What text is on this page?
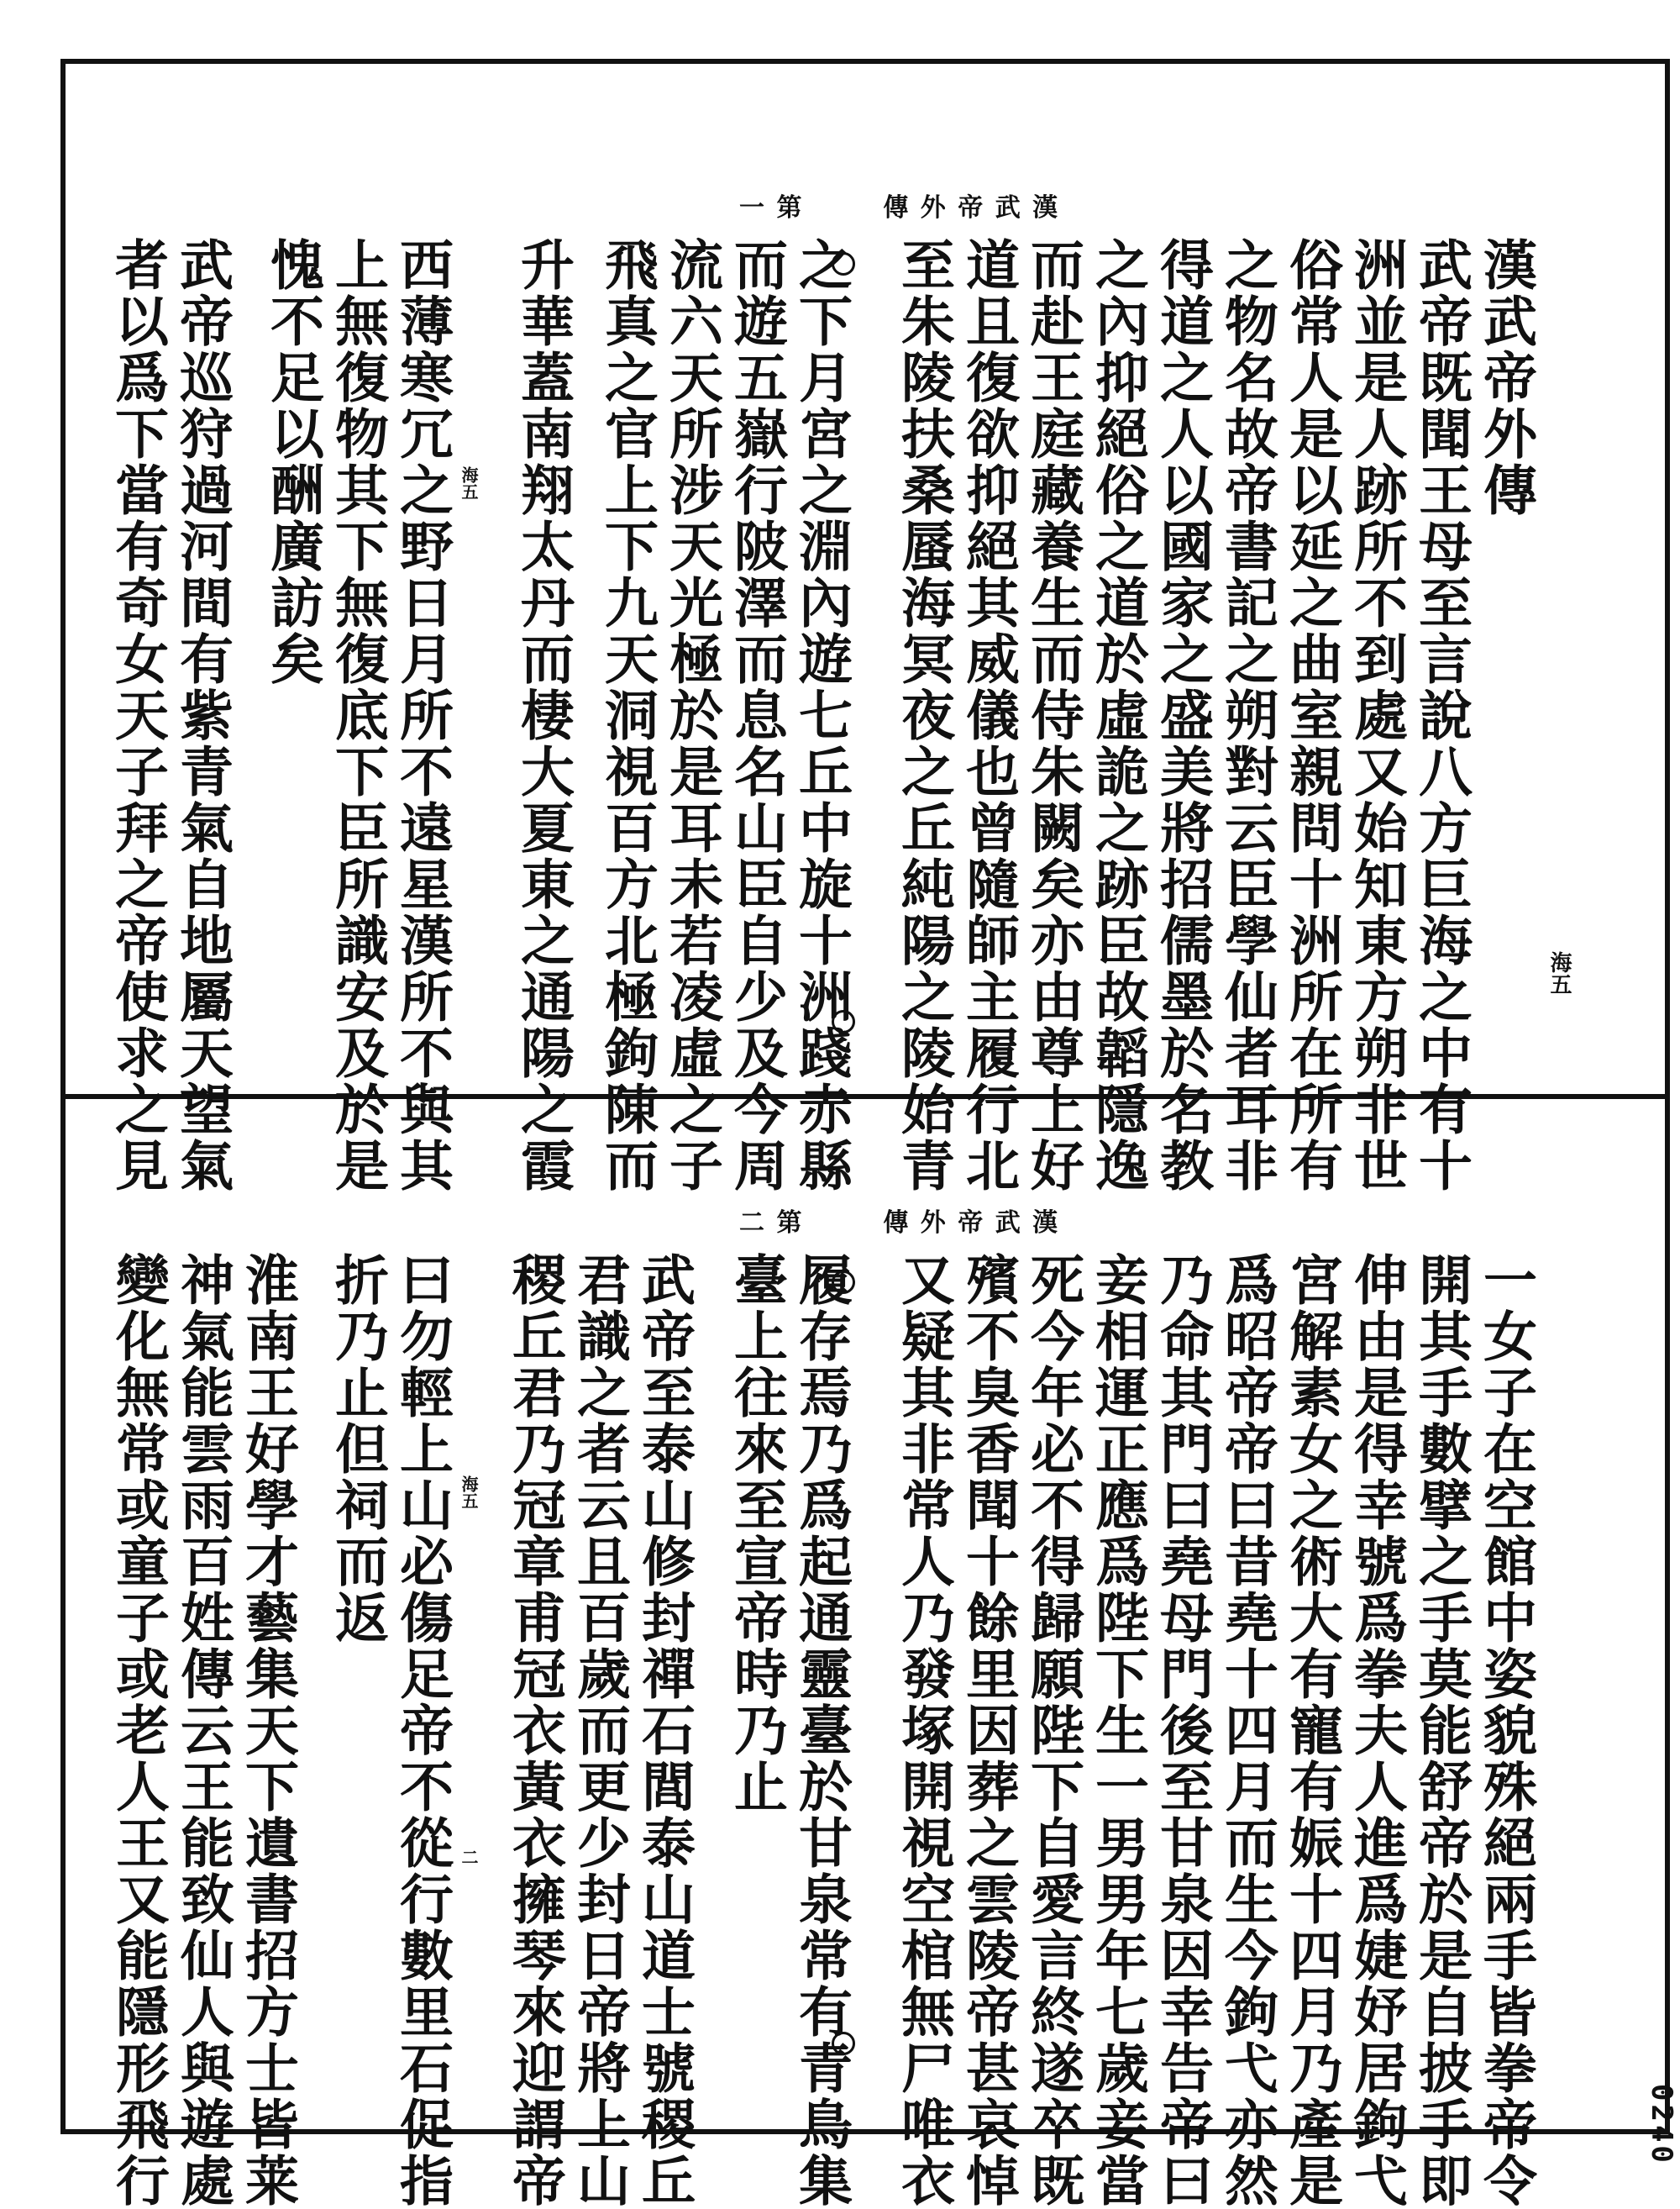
一 第	傳 外 帝 武 漢
海五
海五	漢武帝外傳
武帝既聞王母至言說八方巨海之中有十
洲並是人跡所不到處又始知東方朔非世
俗常人是以延之曲室親問十洲所在所有
之物名故帝書記之朔對云臣學仙者耳非
得道之人以國家之盛美將招儒墨於名教
之內抑絕俗之道於虛詭之跡臣故韜隱逸
而赴王庭藏養生而侍朱闕矣亦由尊上好
道且復欲抑絕其威儀也曾隨師主履行北
至朱陵扶桑蜃海冥夜之丘純陽之陵始青
之下月宮之淵內遊七丘中旋十洲踐赤縣
而遊五嶽行陂澤而息名山臣自少及今周
流六天所涉天光極於是耳未若凌虛之子
飛真之官上下九天洞視百方北極鉤陳而
升華蓋南翔太丹而棲大夏東之通陽之霞
西薄寒冗之野日月所不遠星漢所不與其
上無復物其下無復底下臣所識安及於是
愧不足以酬廣訪矣
武帝巡狩過河間有紫青氣自地屬天望氣
者以爲下當有奇女天子拜之帝使求之見
二 第	傳 外 帝 武 漢
海五
二	一女子在空館中姿貌殊絕兩手皆拳帝令
開其手數擘之手莫能舒帝於是自披手即
伸由是得幸號爲拳夫人進爲婕妤居鉤弋
宮解素女之術大有寵有娠十四月乃產是
爲昭帝帝曰昔堯十四月而生今鉤弋亦然
乃命其門曰堯母門後至甘泉因幸告帝曰
妾相運正應爲陛下生一男男年七歲妾當
死今年必不得歸願陛下自愛言終遂卒既
殯不臭香聞十餘里因葬之雲陵帝甚哀悼
又疑其非常人乃發塚開視空棺無尸唯衣
履存焉乃爲起通靈臺於甘泉常有青鳥集
臺上往來至宣帝時乃止
武帝至泰山修封禪石閭泰山道士號稷丘
君識之者云且百歲而更少封日帝將上山
稷丘君乃冠章甫冠衣黃衣擁琴來迎謂帝
曰勿輕上山必傷足帝不從行數里石促指
折乃止但祠而返
淮南王好學才藝集天下遺書招方士皆莱
神氣能雲雨百姓傳云王能致仙人與遊處
變化無常或童子或老人王又能隱形飛行	0240
